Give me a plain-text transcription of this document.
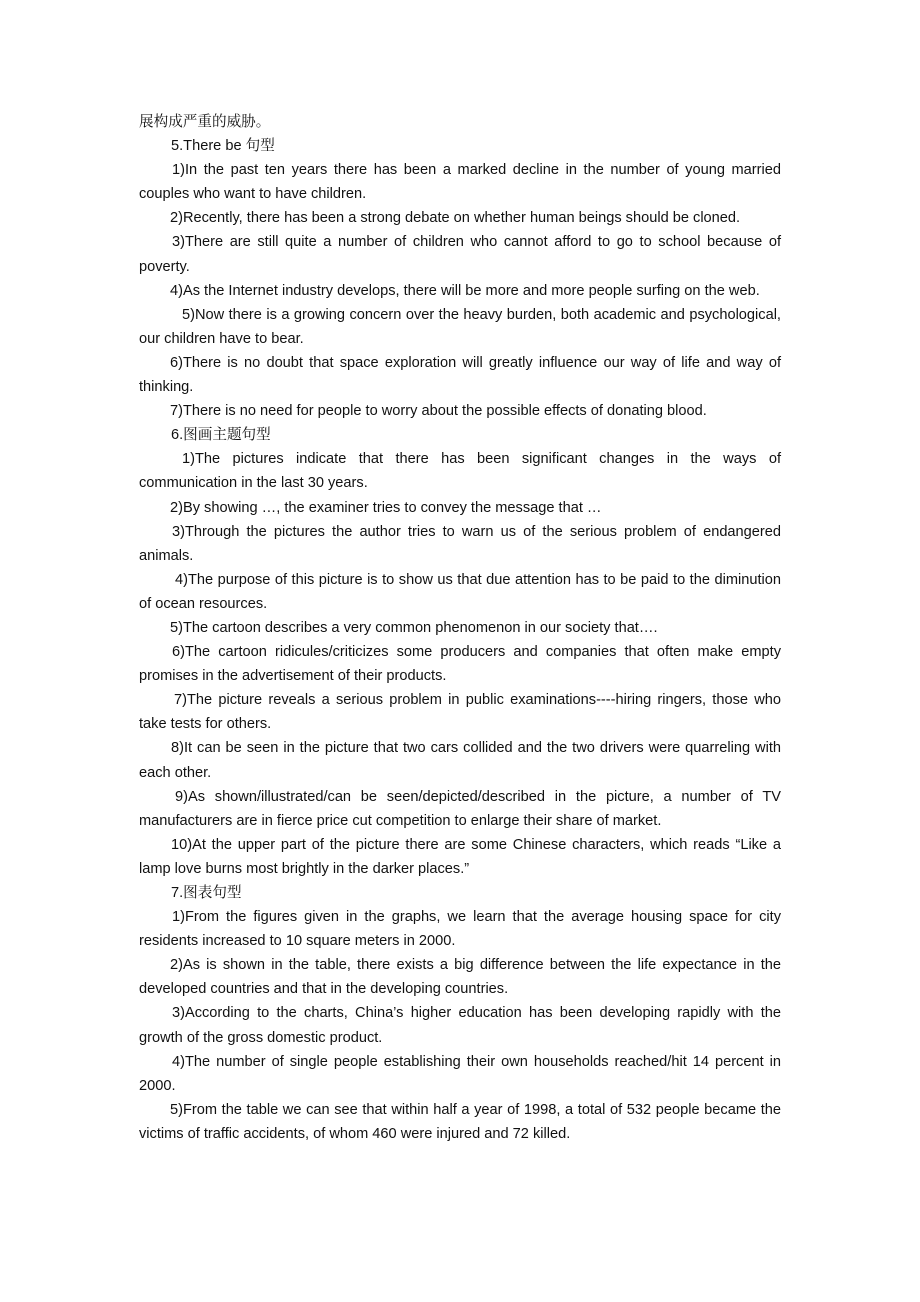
展构成严重的威胁。

5.There be 句型

1)In the past ten years there has been a marked decline in the number of young married couples who want to have children.

2)Recently, there has been a strong debate on whether human beings should be cloned.

3)There are still quite a number of children who cannot afford to go to school because of poverty.

4)As the Internet industry develops, there will be more and more people surfing on the web.

5)Now there is a growing concern over the heavy burden, both academic and psychological, our children have to bear.

6)There is no doubt that space exploration will greatly influence our way of life and way of thinking.

7)There is no need for people to worry about the possible effects of donating blood.

6.图画主题句型

1)The pictures indicate that there has been significant changes in the ways of communication in the last 30 years.

2)By showing …, the examiner tries to convey the message that …

3)Through the pictures the author tries to warn us of the serious problem of endangered animals.

4)The purpose of this picture is to show us that due attention has to be paid to the diminution of ocean resources.

5)The cartoon describes a very common phenomenon in our society that….

6)The cartoon ridicules/criticizes some producers and companies that often make empty promises in the advertisement of their products.

7)The picture reveals a serious problem in public examinations----hiring ringers, those who take tests for others.

8)It can be seen in the picture that two cars collided and the two drivers were quarreling with each other.

9)As shown/illustrated/can be seen/depicted/described in the picture, a number of TV manufacturers are in fierce price cut competition to enlarge their share of market.

10)At the upper part of the picture there are some Chinese characters, which reads “Like a lamp love burns most brightly in the darker places.”

7.图表句型

1)From the figures given in the graphs, we learn that the average housing space for city residents increased to 10 square meters in 2000.

2)As is shown in the table, there exists a big difference between the life expectance in the developed countries and that in the developing countries.

3)According to the charts, China’s higher education has been developing rapidly with the growth of the gross domestic product.

4)The number of single people establishing their own households reached/hit 14 percent in 2000.

5)From the table we can see that within half a year of 1998, a total of 532 people became the victims of traffic accidents, of whom 460 were injured and 72 killed.
